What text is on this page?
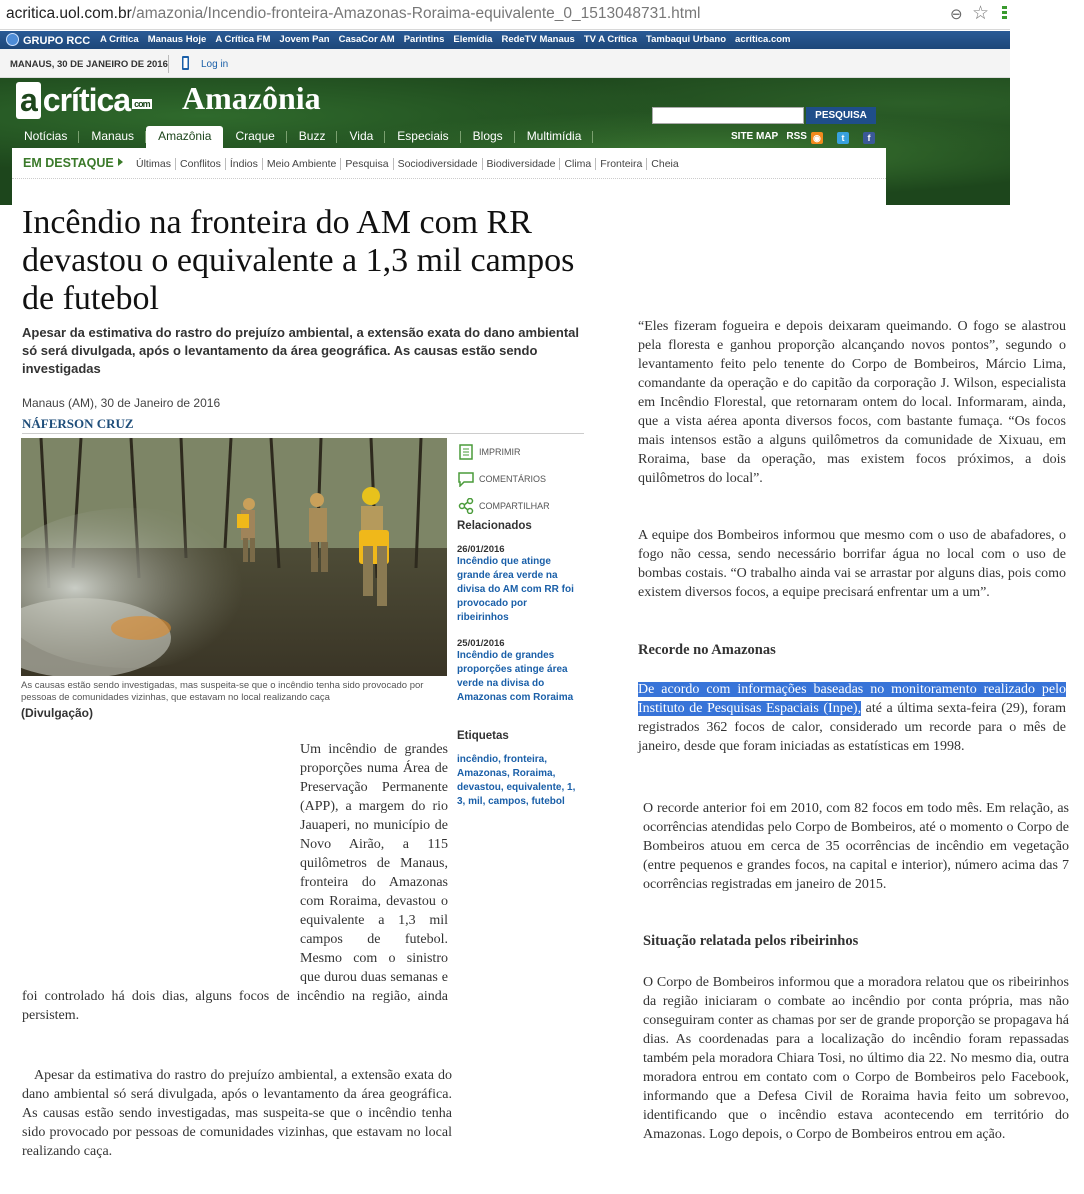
acritica.uol.com.br/amazonia/Incendio-fronteira-Amazonas-Roraima-equivalente_0_1513048731.html	⊖ ☆
GRUPO RCC A Crítica Manaus Hoje A Crítica FM Jovem Pan CasaCor AM Parintins Elemídia RedeTV Manaus TV A Crítica Tambaqui Urbano acrítica.com
MANAUS, 30 DE JANEIRO DE 2016	Log in
a crítica com Amazônia	PESQUISA
Notícias Manaus Amazônia Craque Buzz Vida Especiais Blogs Multimídia	SITE MAP RSS ◉ t	f
EM DESTAQUE	Últimas Conflitos Índios Meio Ambiente Pesquisa Sociodiversidade Biodiversidade Clima Fronteira Cheia
Incêndio na fronteira do AM com RR devastou o equivalente a 1,3 mil campos de futebol
Apesar da estimativa do rastro do prejuízo ambiental, a extensão exata do dano ambiental só será divulgada, após o levantamento da área geográfica. As causas estão sendo investigadas
Manaus (AM), 30 de Janeiro de 2016
NÁFERSON CRUZ
As causas estão sendo investigadas, mas suspeita-se que o incêndio tenha sido provocado por pessoas de comunidades vizinhas, que estavam no local realizando caça
(Divulgação)
IMPRIMIR
COMENTÁRIOS
COMPARTILHAR
Relacionados
26/01/2016
Incêndio que atinge grande área verde na divisa do AM com RR foi provocado por ribeirinhos
25/01/2016
Incêndio de grandes proporções atinge área verde na divisa do Amazonas com Roraima
Etiquetas
incêndio, fronteira, Amazonas, Roraima, devastou, equivalente, 1, 3, mil, campos, futebol
Um incêndio de grandes proporções numa Área de Preservação Permanente (APP), a margem do rio Jauaperi, no município de Novo Airão, a 115 quilômetros de Manaus, fronteira do Amazonas com Roraima, devastou o equivalente a 1,3 mil campos de futebol. Mesmo com o sinistro que durou duas semanas e foi controlado há dois dias, alguns focos de incêndio na região, ainda persistem.
Apesar da estimativa do rastro do prejuízo ambiental, a extensão exata do dano ambiental só será divulgada, após o levantamento da área geográfica. As causas estão sendo investigadas, mas suspeita-se que o incêndio tenha sido provocado por pessoas de comunidades vizinhas, que estavam no local realizando caça.
“Eles fizeram fogueira e depois deixaram queimando. O fogo se alastrou pela floresta e ganhou proporção alcançando novos pontos”, segundo o levantamento feito pelo tenente do Corpo de Bombeiros, Márcio Lima, comandante da operação e do capitão da corporação J. Wilson, especialista em Incêndio Florestal, que retornaram ontem do local. Informaram, ainda, que a vista aérea aponta diversos focos, com bastante fumaça. “Os focos mais intensos estão a alguns quilômetros da comunidade de Xixuau, em Roraima, base da operação, mas existem focos próximos, a dois quilômetros do local”.
A equipe dos Bombeiros informou que mesmo com o uso de abafadores, o fogo não cessa, sendo necessário borrifar água no local com o uso de bombas costais. “O trabalho ainda vai se arrastar por alguns dias, pois como existem diversos focos, a equipe precisará enfrentar um a um”.
Recorde no Amazonas
De acordo com informações baseadas no monitoramento realizado pelo Instituto de Pesquisas Espaciais (Inpe), até a última sexta-feira (29), foram registrados 362 focos de calor, considerado um recorde para o mês de janeiro, desde que foram iniciadas as estatísticas em 1998.
O recorde anterior foi em 2010, com 82 focos em todo mês. Em relação, as ocorrências atendidas pelo Corpo de Bombeiros, até o momento o Corpo de Bombeiros atuou em cerca de 35 ocorrências de incêndio em vegetação (entre pequenos e grandes focos, na capital e interior), número acima das 7 ocorrências registradas em janeiro de 2015.
Situação relatada pelos ribeirinhos
O Corpo de Bombeiros informou que a moradora relatou que os ribeirinhos da região iniciaram o combate ao incêndio por conta própria, mas não conseguiram conter as chamas por ser de grande proporção se propagava há dias. As coordenadas para a localização do incêndio foram repassadas também pela moradora Chiara Tosi, no último dia 22. No mesmo dia, outra moradora entrou em contato com o Corpo de Bombeiros pelo Facebook, informando que a Defesa Civil de Roraima havia feito um sobrevoo, identificando que o incêndio estava acontecendo em território do Amazonas. Logo depois, o Corpo de Bombeiros entrou em ação.
